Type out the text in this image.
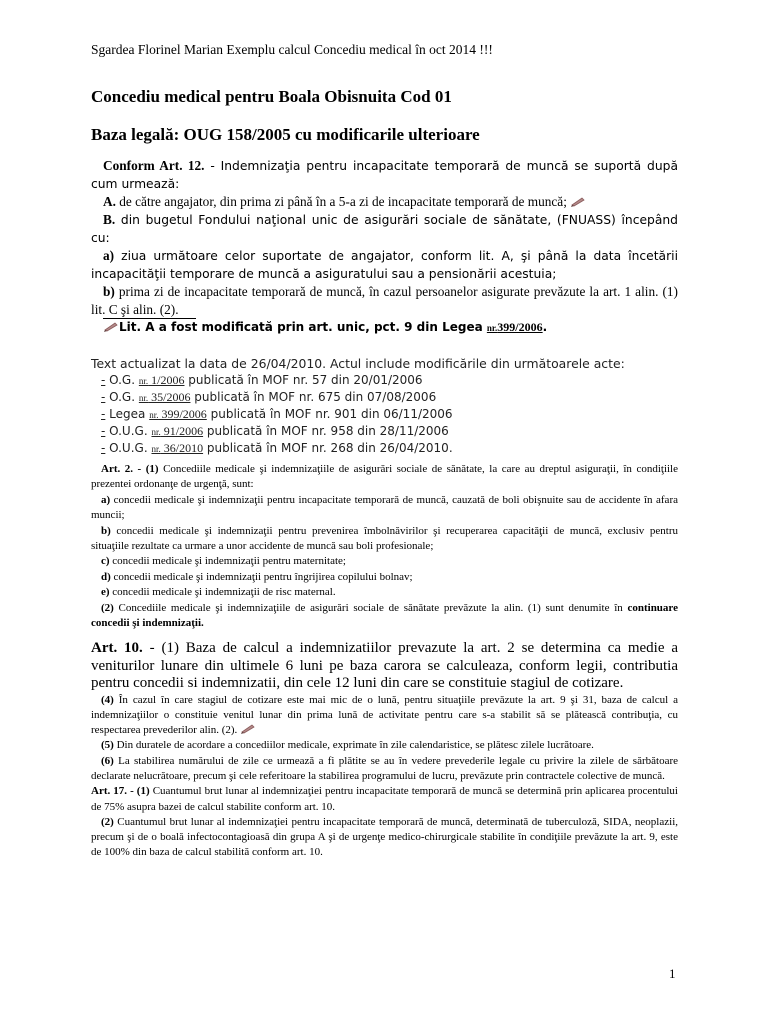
Sgardea Florinel Marian Exemplu calcul Concediu medical în oct 2014 !!!
Concediu medical pentru Boala Obisnuita Cod 01
Baza legală: OUG 158/2005 cu modificarile ulterioare

Conform Art. 12. - Indemnizaţia pentru incapacitate temporară de muncă se suportă după cum urmează:

A. de către angajator, din prima zi până în a 5-a zi de incapacitate temporară de muncă;

B. din bugetul Fondului naţional unic de asigurări sociale de sănătate, (FNUASS) începând cu:

a) ziua următoare celor suportate de angajator, conform lit. A, şi până la data încetării incapacităţii temporare de muncă a asiguratului sau a pensionării acestuia;

b) prima zi de incapacitate temporară de muncă, în cazul persoanelor asigurate prevăzute la art. 1 alin. (1) lit. C şi alin. (2).

Lit. A a fost modificată prin art. unic, pct. 9 din Legea nr.399/2006.
Text actualizat la data de 26/04/2010. Actul include modificările din următoarele acte:
- O.G. nr. 1/2006 publicată în MOF nr. 57 din 20/01/2006
- O.G. nr. 35/2006 publicată în MOF nr. 675 din 07/08/2006
- Legea nr. 399/2006 publicată în MOF nr. 901 din 06/11/2006
- O.U.G. nr. 91/2006 publicată în MOF nr. 958 din 28/11/2006
- O.U.G. nr. 36/2010 publicată în MOF nr. 268 din 26/04/2010.

Art. 2. - (1) Concediile medicale şi indemnizaţiile de asigurări sociale de sănătate, la care au dreptul asiguraţii, în condiţiile prezentei ordonanţe de urgenţă, sunt:

a) concedii medicale şi indemnizaţii pentru incapacitate temporară de muncă, cauzată de boli obişnuite sau de accidente în afara muncii;

b) concedii medicale şi indemnizaţii pentru prevenirea îmbolnăvirilor şi recuperarea capacităţii de muncă, exclusiv pentru situaţiile rezultate ca urmare a unor accidente de muncă sau boli profesionale;

c) concedii medicale şi indemnizaţii pentru maternitate;

d) concedii medicale şi indemnizaţii pentru îngrijirea copilului bolnav;

e) concedii medicale şi indemnizaţii de risc maternal.

(2) Concediile medicale şi indemnizaţiile de asigurări sociale de sănătate prevăzute la alin. (1) sunt denumite în continuare concedii şi indemnizaţii.

Art. 10. - (1) Baza de calcul a indemnizatiilor prevazute la art. 2 se determina ca medie a veniturilor lunare din ultimele 6 luni pe baza carora se calculeaza, conform legii, contributia pentru concedii si indemnizatii, din cele 12 luni din care se constituie stagiul de cotizare.

(4) În cazul în care stagiul de cotizare este mai mic de o lună, pentru situaţiile prevăzute la art. 9 şi 31, baza de calcul a indemnizaţiilor o constituie venitul lunar din prima lună de activitate pentru care s-a stabilit să se plătească contribuţia, cu respectarea prevederilor alin. (2).

(5) Din duratele de acordare a concediilor medicale, exprimate în zile calendaristice, se plătesc zilele lucrătoare.

(6) La stabilirea numărului de zile ce urmează a fi plătite se au în vedere prevederile legale cu privire la zilele de sărbătoare declarate nelucrătoare, precum şi cele referitoare la stabilirea programului de lucru, prevăzute prin contractele colective de muncă.

Art. 17. - (1) Cuantumul brut lunar al indemnizaţiei pentru incapacitate temporară de muncă se determină prin aplicarea procentului de 75% asupra bazei de calcul stabilite conform art. 10.

(2) Cuantumul brut lunar al indemnizaţiei pentru incapacitate temporară de muncă, determinată de tuberculoză, SIDA, neoplazii, precum şi de o boală infectocontagioasă din grupa A şi de urgenţe medico-chirurgicale stabilite în condiţiile prevăzute la art. 9, este de 100% din baza de calcul stabilită conform art. 10.

1
